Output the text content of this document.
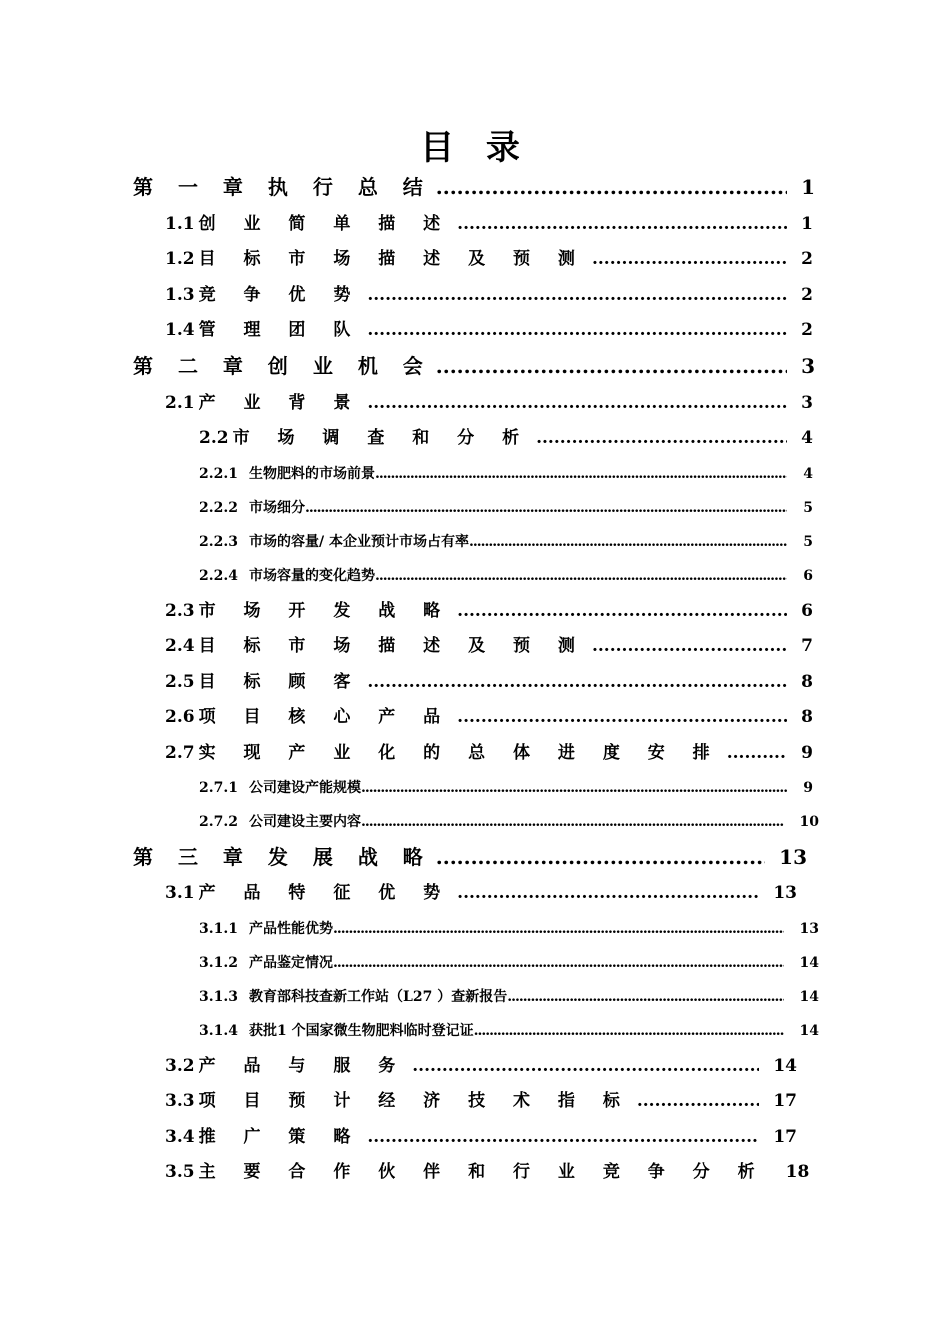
目 录
第 一 章 执 行 总 结 .....	1
1.1 创 业 简 单 描 述 .....	1
1.2 目 标 市 场 描 述 及 预 测 .....	2
1.3 竞 争 优 势 .....	2
1.4 管 理 团 队 .....	2
第 二 章 创 业 机 会 .....	3
2.1 产 业 背 景 .....	3
2.2 市 场 调 查 和 分 析 .....	4
2.2.1 生物肥料的市场前景 .....	4
2.2.2 市场细分 .....	5
2.2.3 市场的容量/ 本企业预计市场占有率 .....	5
2.2.4 市场容量的变化趋势 .....	6
2.3 市 场 开 发 战 略 .....	6
2.4 目 标 市 场 描 述 及 预 测 .....	7
2.5 目 标 顾 客 .....	8
2.6 项 目 核 心 产 品 .....	8
2.7 实 现 产 业 化 的 总 体 进 度 安 排 .....	9
2.7.1 公司建设产能规模 .....	9
2.7.2 公司建设主要内容 .....	10
第 三 章 发 展 战 略 .....	13
3.1 产 品 特 征 优 势 .....	13
3.1.1 产品性能优势 .....	13
3.1.2 产品鉴定情况 .....	14
3.1.3 教育部科技查新工作站（L27 ）查新报告 .....	14
3.1.4 获批1 个国家微生物肥料临时登记证 .....	14
3.2 产 品 与 服 务 .....	14
3.3 项 目 预 计 经 济 技 术 指 标 .....	17
3.4 推 广 策 略 .....	17
3.5 主 要 合 作 伙 伴 和 行 业 竞 争 分 析 18
